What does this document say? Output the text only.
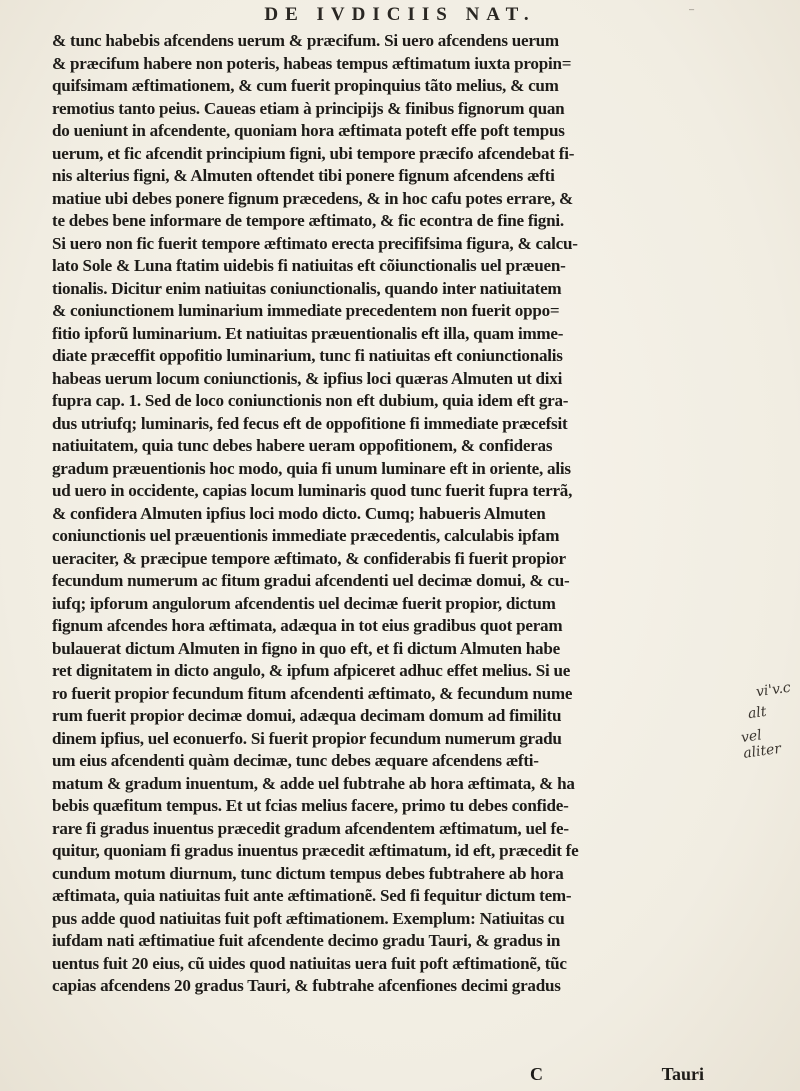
DE IVDICIIS NAT.	⁻
& tunc habebis afcendens uerum & præcifum. Si uero afcendens uerum
& præcifum habere non poteris, habeas tempus æftimatum iuxta propin=
quifsimam æftimationem, & cum fuerit propinquius tãto melius, & cum
remotius tanto peius. Caueas etiam à principijs & finibus fignorum quan
do ueniunt in afcendente, quoniam hora æftimata poteft effe poft tempus
uerum, et fic afcendit principium figni, ubi tempore præcifo afcendebat fi-
nis alterius figni, & Almuten oftendet tibi ponere fignum afcendens æfti
matiue ubi debes ponere fignum præcedens, & in hoc cafu potes errare, &
te debes bene informare de tempore æftimato, & fic econtra de fine figni.
Si uero non fic fuerit tempore æftimato erecta precififsima figura, & calcu-
lato Sole & Luna ftatim uidebis fi natiuitas eft cõiunctionalis uel præuen-
tionalis. Dicitur enim natiuitas coniunctionalis, quando inter natiuitatem
& coniunctionem luminarium immediate precedentem non fuerit oppo=
fitio ipforũ luminarium. Et natiuitas præuentionalis eft illa, quam imme-
diate præceffit oppofitio luminarium, tunc fi natiuitas eft coniunctionalis
habeas uerum locum coniunctionis, & ipfius loci quæras Almuten ut dixi
fupra cap. 1. Sed de loco coniunctionis non eft dubium, quia idem eft gra-
dus utriufq; luminaris, fed fecus eft de oppofitione fi immediate præcefsit
natiuitatem, quia tunc debes habere ueram oppofitionem, & confideras
gradum præuentionis hoc modo, quia fi unum luminare eft in oriente, alis
ud uero in occidente, capias locum luminaris quod tunc fuerit fupra terrã,
& confidera Almuten ipfius loci modo dicto. Cumq; habueris Almuten
coniunctionis uel præuentionis immediate præcedentis, calculabis ipfam
ueraciter, & præcipue tempore æftimato, & confiderabis fi fuerit propior
fecundum numerum ac fitum gradui afcendenti uel decimæ domui, & cu-
iufq; ipforum angulorum afcendentis uel decimæ fuerit propior, dictum
fignum afcendes hora æftimata, adæqua in tot eius gradibus quot peram
bulauerat dictum Almuten in figno in quo eft, et fi dictum Almuten habe
ret dignitatem in dicto angulo, & ipfum afpiceret adhuc effet melius. Si ue
ro fuerit propior fecundum fitum afcendenti æftimato, & fecundum nume
rum fuerit propior decimæ domui, adæqua decimam domum ad fimilitu
dinem ipfius, uel econuerfo. Si fuerit propior fecundum numerum gradu
um eius afcendenti quàm decimæ, tunc debes æquare afcendens æfti-
matum & gradum inuentum, & adde uel fubtrahe ab hora æftimata, & ha
bebis quæfitum tempus. Et ut fcias melius facere, primo tu debes confide-
rare fi gradus inuentus præcedit gradum afcendentem æftimatum, uel fe-
quitur, quoniam fi gradus inuentus præcedit æftimatum, id eft, præcedit fe
cundum motum diurnum, tunc dictum tempus debes fubtrahere ab hora
æftimata, quia natiuitas fuit ante æftimationẽ. Sed fi fequitur dictum tem-
pus adde quod natiuitas fuit poft æftimationem. Exemplum: Natiuitas cu
iufdam nati æftimatiue fuit afcendente decimo gradu Tauri, & gradus in
uentus fuit 20 eius, cũ uides quod natiuitas uera fuit poft æftimationẽ, tũc
capias afcendens 20 gradus Tauri, & fubtrahe afcenfiones decimi gradus
vi'v.c
alt
vel aliter
C	Tauri
